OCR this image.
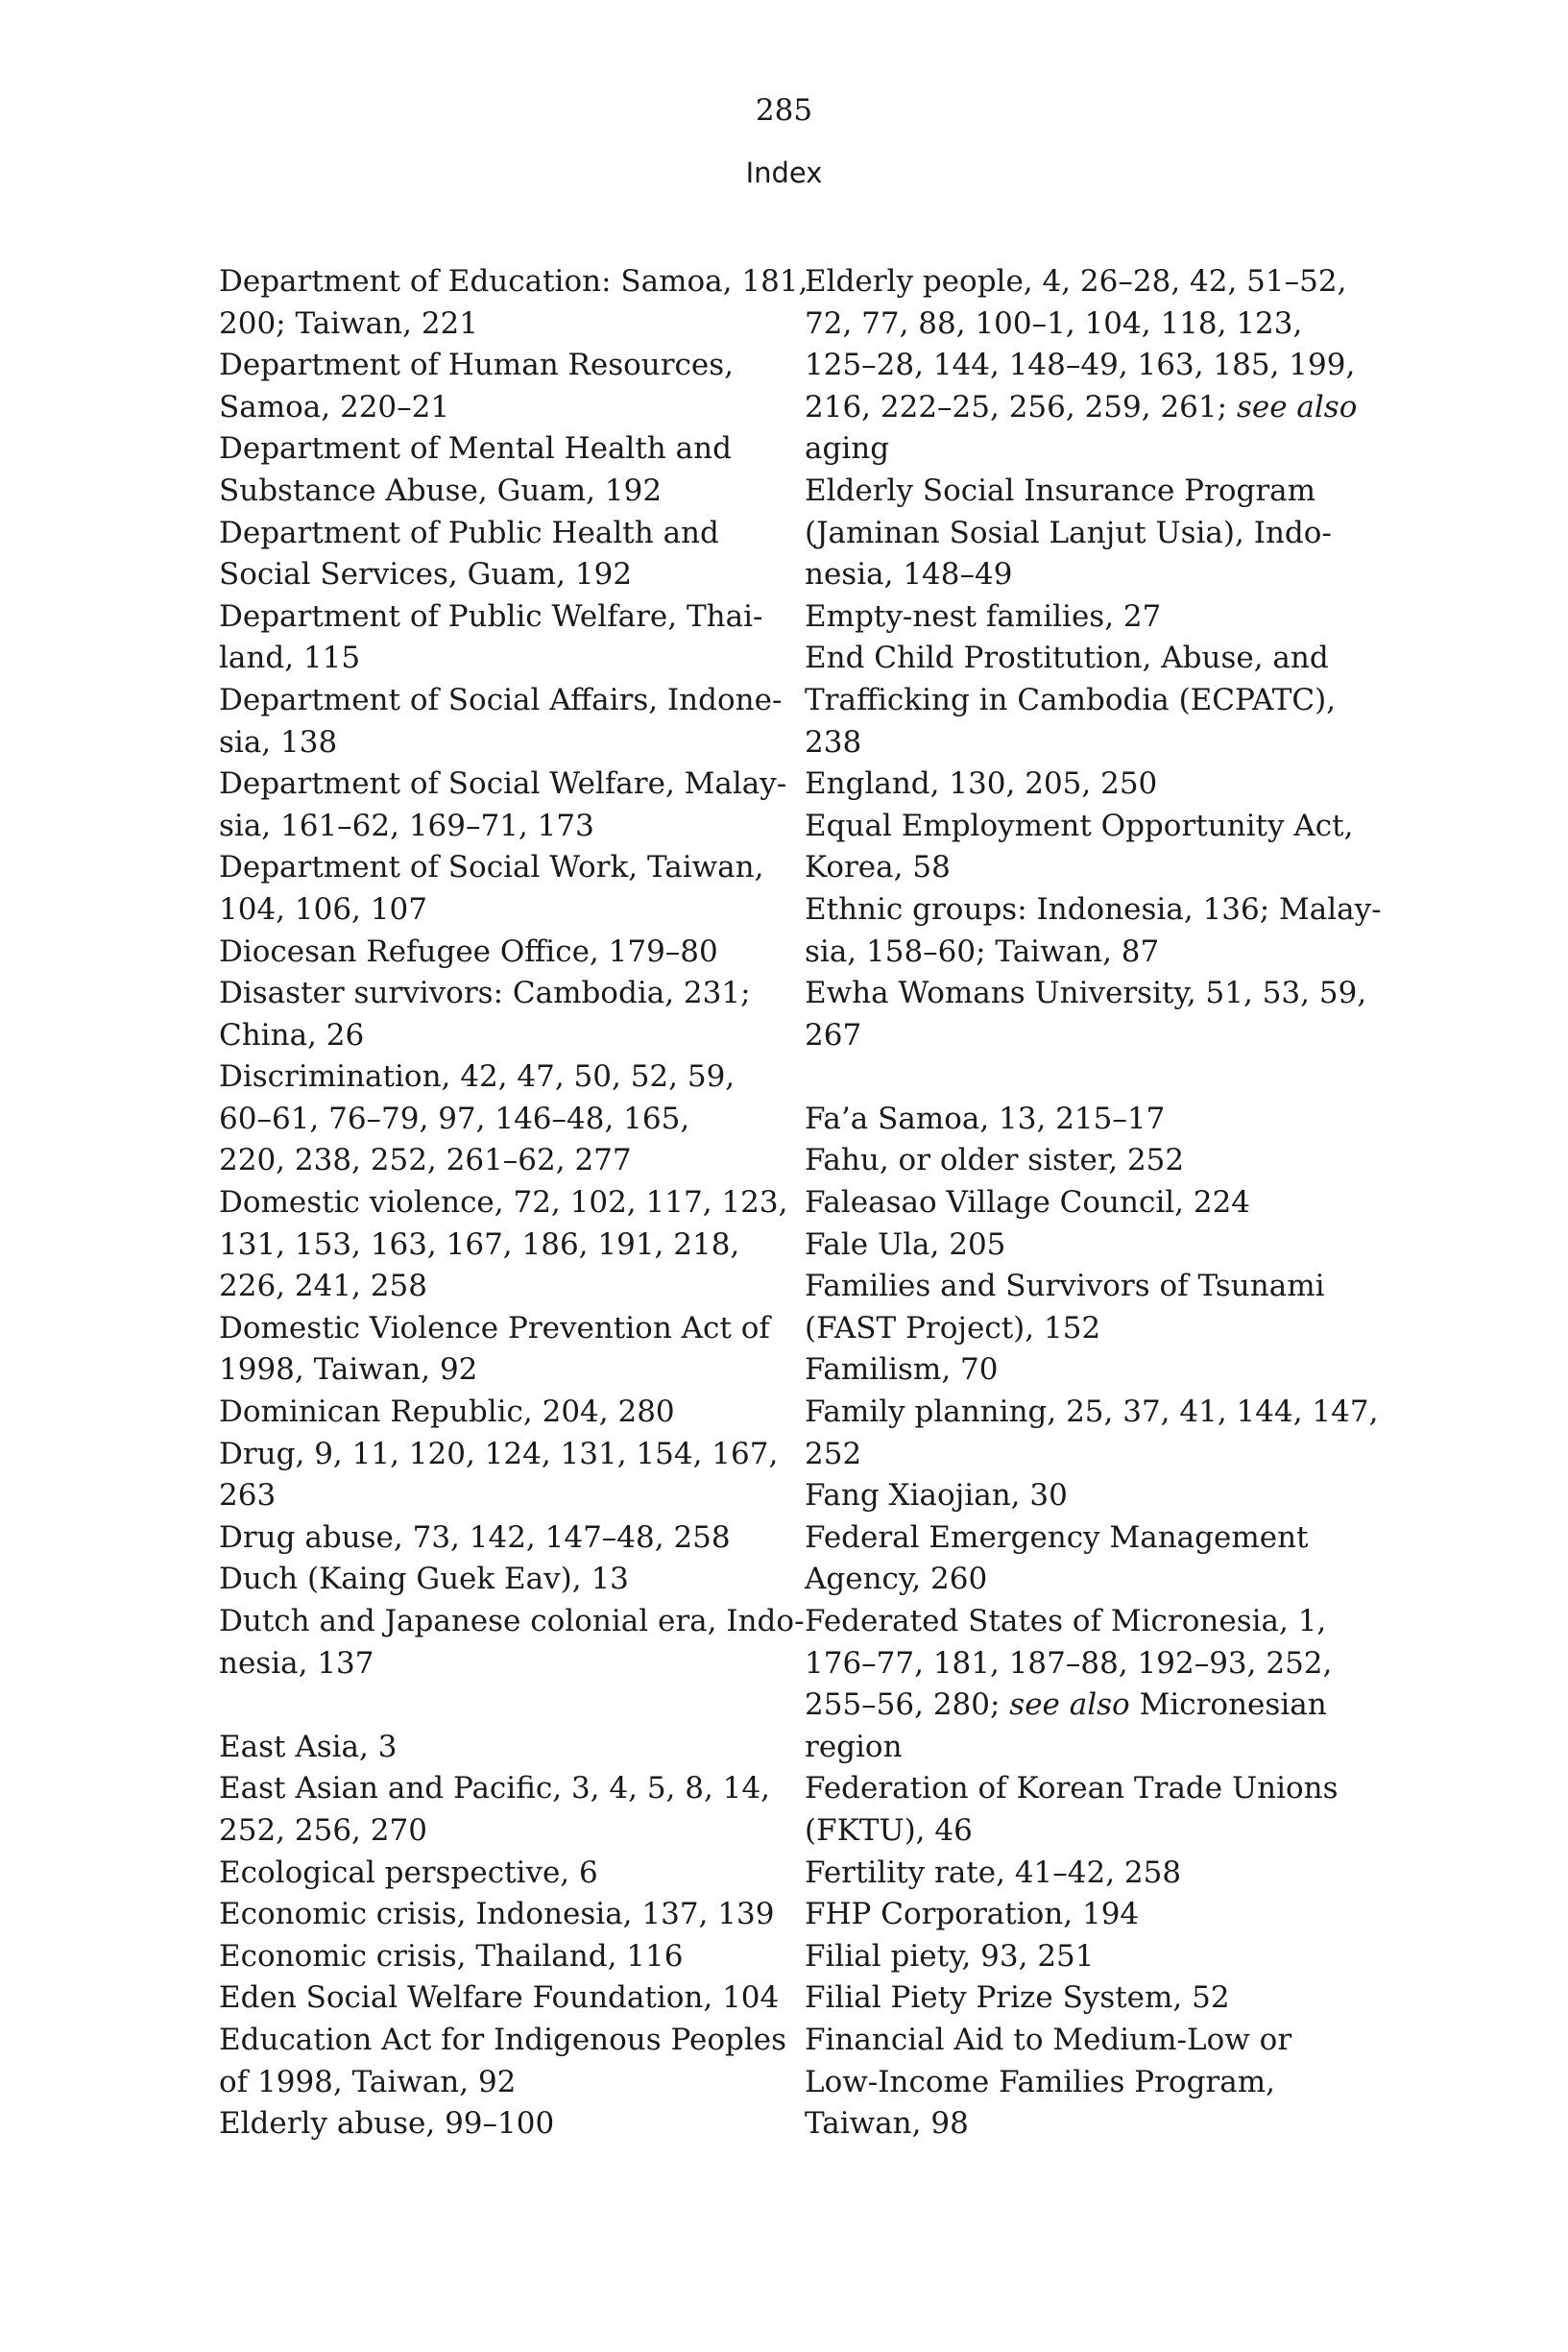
285
Index

Department of Education: Samoa, 181,
200; Taiwan, 221

Department of Human Resources,
Samoa, 220–21

Department of Mental Health and
Substance Abuse, Guam, 192

Department of Public Health and
Social Services, Guam, 192

Department of Public Welfare, Thai-
land, 115

Department of Social Affairs, Indone-
sia, 138

Department of Social Welfare, Malay-
sia, 161–62, 169–71, 173

Department of Social Work, Taiwan,
104, 106, 107

Diocesan Refugee Office, 179–80

Disaster survivors: Cambodia, 231;
China, 26

Discrimination, 42, 47, 50, 52, 59,
60–61, 76–79, 97, 146–48, 165,
220, 238, 252, 261–62, 277

Domestic violence, 72, 102, 117, 123,
131, 153, 163, 167, 186, 191, 218,
226, 241, 258

Domestic Violence Prevention Act of
1998, Taiwan, 92

Dominican Republic, 204, 280

Drug, 9, 11, 120, 124, 131, 154, 167,
263

Drug abuse, 73, 142, 147–48, 258

Duch (Kaing Guek Eav), 13

Dutch and Japanese colonial era, Indo-
nesia, 137

East Asia, 3

East Asian and Pacific, 3, 4, 5, 8, 14,
252, 256, 270

Ecological perspective, 6

Economic crisis, Indonesia, 137, 139

Economic crisis, Thailand, 116

Eden Social Welfare Foundation, 104

Education Act for Indigenous Peoples
of 1998, Taiwan, 92

Elderly abuse, 99–100

Elderly people, 4, 26–28, 42, 51–52,
72, 77, 88, 100–1, 104, 118, 123,
125–28, 144, 148–49, 163, 185, 199,
216, 222–25, 256, 259, 261; see also
aging

Elderly Social Insurance Program
(Jaminan Sosial Lanjut Usia), Indo-
nesia, 148–49

Empty-nest families, 27

End Child Prostitution, Abuse, and
Trafficking in Cambodia (ECPATC),
238

England, 130, 205, 250

Equal Employment Opportunity Act,
Korea, 58

Ethnic groups: Indonesia, 136; Malay-
sia, 158–60; Taiwan, 87

Ewha Womans University, 51, 53, 59,
267

Fa’a Samoa, 13, 215–17

Fahu, or older sister, 252

Faleasao Village Council, 224

Fale Ula, 205

Families and Survivors of Tsunami
(FAST Project), 152

Familism, 70

Family planning, 25, 37, 41, 144, 147,
252

Fang Xiaojian, 30

Federal Emergency Management
Agency, 260

Federated States of Micronesia, 1,
176–77, 181, 187–88, 192–93, 252,
255–56, 280; see also Micronesian
region

Federation of Korean Trade Unions
(FKTU), 46

Fertility rate, 41–42, 258

FHP Corporation, 194

Filial piety, 93, 251

Filial Piety Prize System, 52

Financial Aid to Medium-Low or
Low-Income Families Program,
Taiwan, 98
